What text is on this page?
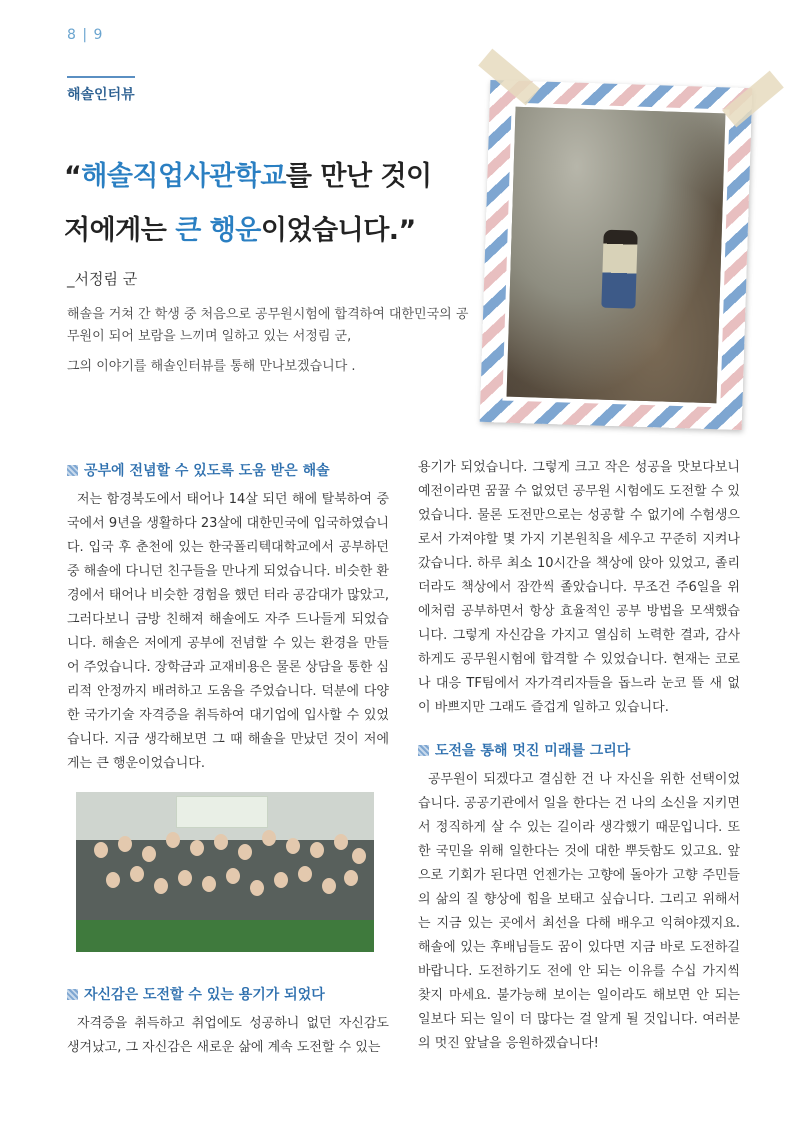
8 | 9
해솔인터뷰
“해솔직업사관학교를 만난 것이
저에게는 큰 행운이었습니다.”
_서정림 군
해솔을 거쳐 간 학생 중 처음으로 공무원시험에 합격하여 대한민국의 공무원이 되어 보람을 느끼며 일하고 있는 서정림 군,
그의 이야기를 해솔인터뷰를 통해 만나보겠습니다 .
공부에 전념할 수 있도록 도움 받은 해솔

저는 함경북도에서 태어나 14살 되던 해에 탈북하여 중국에서 9년을 생활하다 23살에 대한민국에 입국하였습니다. 입국 후 춘천에 있는 한국폴리텍대학교에서 공부하던 중 해솔에 다니던 친구들을 만나게 되었습니다. 비슷한 환경에서 태어나 비슷한 경험을 했던 터라 공감대가 많았고, 그러다보니 금방 친해져 해솔에도 자주 드나들게 되었습니다. 해솔은 저에게 공부에 전념할 수 있는 환경을 만들어 주었습니다. 장학금과 교재비용은 물론 상담을 통한 심리적 안정까지 배려하고 도움을 주었습니다. 덕분에 다양한 국가기술 자격증을 취득하여 대기업에 입사할 수 있었습니다. 지금 생각해보면 그 때 해솔을 만났던 것이 저에게는 큰 행운이었습니다.

자신감은 도전할 수 있는 용기가 되었다

자격증을 취득하고 취업에도 성공하니 없던 자신감도 생겨났고, 그 자신감은 새로운 삶에 계속 도전할 수 있는

용기가 되었습니다. 그렇게 크고 작은 성공을 맛보다보니 예전이라면 꿈꿀 수 없었던 공무원 시험에도 도전할 수 있었습니다. 물론 도전만으로는 성공할 수 없기에 수험생으로서 가져야할 몇 가지 기본원칙을 세우고 꾸준히 지켜나갔습니다. 하루 최소 10시간을 책상에 앉아 있었고, 졸리더라도 책상에서 잠깐씩 졸았습니다. 무조건 주6일을 위에처럼 공부하면서 항상 효율적인 공부 방법을 모색했습니다. 그렇게 자신감을 가지고 열심히 노력한 결과, 감사하게도 공무원시험에 합격할 수 있었습니다. 현재는 코로나 대응 TF팀에서 자가격리자들을 돕느라 눈코 뜰 새 없이 바쁘지만 그래도 즐겁게 일하고 있습니다.

도전을 통해 멋진 미래를 그리다

공무원이 되겠다고 결심한 건 나 자신을 위한 선택이었습니다. 공공기관에서 일을 한다는 건 나의 소신을 지키면서 정직하게 살 수 있는 길이라 생각했기 때문입니다. 또한 국민을 위해 일한다는 것에 대한 뿌듯함도 있고요. 앞으로 기회가 된다면 언젠가는 고향에 돌아가 고향 주민들의 삶의 질 향상에 힘을 보태고 싶습니다. 그리고 위해서는 지금 있는 곳에서 최선을 다해 배우고 익혀야겠지요. 해솔에 있는 후배님들도 꿈이 있다면 지금 바로 도전하길 바랍니다. 도전하기도 전에 안 되는 이유를 수십 가지씩 찾지 마세요. 불가능해 보이는 일이라도 해보면 안 되는 일보다 되는 일이 더 많다는 걸 알게 될 것입니다. 여러분의 멋진 앞날을 응원하겠습니다!
